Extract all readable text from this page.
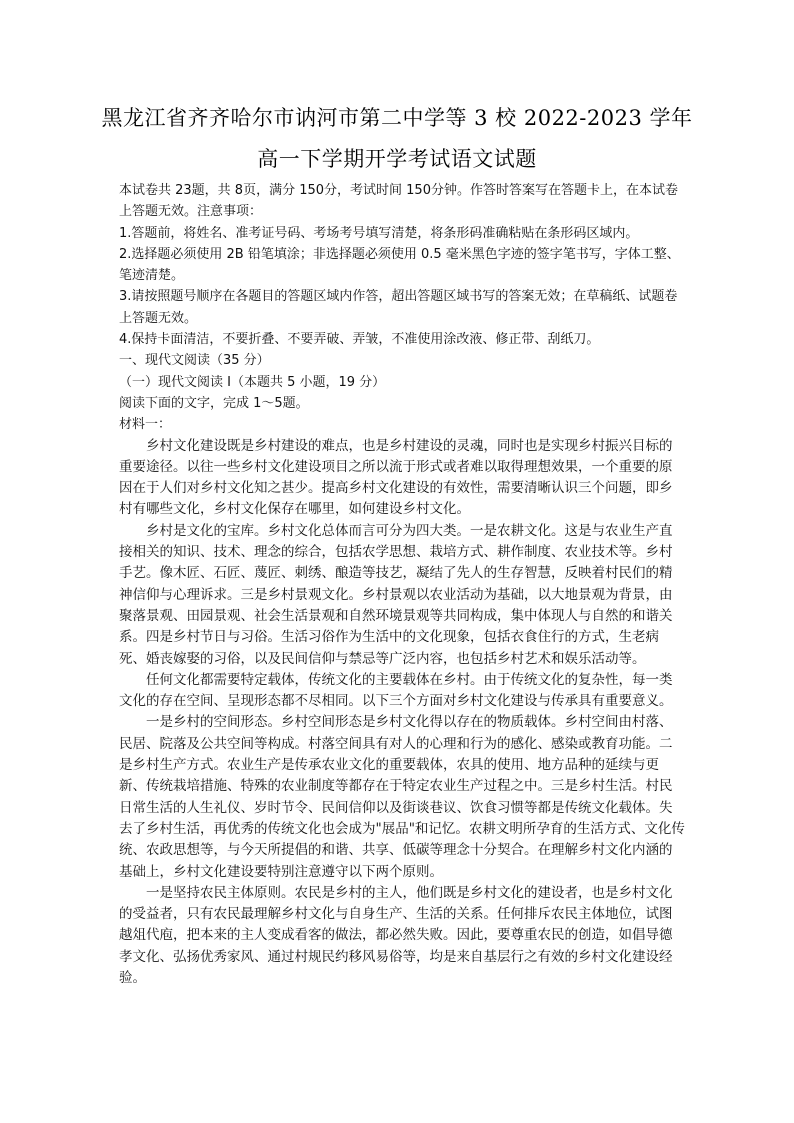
黑龙江省齐齐哈尔市讷河市第二中学等 3 校 2022-2023 学年
高一下学期开学考试语文试题

本试卷共 23题，共 8页，满分 150分，考试时间 150分钟。作答时答案写在答题卡上，在本试卷上答题无效。注意事项：

1.答题前，将姓名、准考证号码、考场考号填写清楚，将条形码准确粘贴在条形码区域内。

2.选择题必须使用 2B 铅笔填涂；非选择题必须使用 0.5 毫米黑色字迹的签字笔书写，字体工整、笔迹清楚。

3.请按照题号顺序在各题目的答题区域内作答，超出答题区域书写的答案无效；在草稿纸、试题卷上答题无效。

4.保持卡面清洁，不要折叠、不要弄破、弄皱，不准使用涂改液、修正带、刮纸刀。

一、现代文阅读（35 分）

（一）现代文阅读 I（本题共 5 小题，19 分）

阅读下面的文字，完成 1～5题。

材料一：

乡村文化建设既是乡村建设的难点，也是乡村建设的灵魂，同时也是实现乡村振兴目标的重要途径。以往一些乡村文化建设项目之所以流于形式或者难以取得理想效果，一个重要的原因在于人们对乡村文化知之甚少。提高乡村文化建设的有效性，需要清晰认识三个问题，即乡村有哪些文化，乡村文化保存在哪里，如何建设乡村文化。

乡村是文化的宝库。乡村文化总体而言可分为四大类。一是农耕文化。这是与农业生产直接相关的知识、技术、理念的综合，包括农学思想、栽培方式、耕作制度、农业技术等。乡村手艺。像木匠、石匠、蔑匠、刺绣、酿造等技艺，凝结了先人的生存智慧，反映着村民们的精神信仰与心理诉求。三是乡村景观文化。乡村景观以农业活动为基础，以大地景观为背景，由聚落景观、田园景观、社会生活景观和自然环境景观等共同构成，集中体现人与自然的和谐关系。四是乡村节日与习俗。生活习俗作为生活中的文化现象，包括衣食住行的方式，生老病死、婚丧嫁娶的习俗，以及民间信仰与禁忌等广泛内容，也包括乡村艺术和娱乐活动等。

任何文化都需要特定载体，传统文化的主要载体在乡村。由于传统文化的复杂性，每一类文化的存在空间、呈现形态都不尽相同。以下三个方面对乡村文化建设与传承具有重要意义。

一是乡村的空间形态。乡村空间形态是乡村文化得以存在的物质载体。乡村空间由村落、民居、院落及公共空间等构成。村落空间具有对人的心理和行为的感化、感染或教育功能。二是乡村生产方式。农业生产是传承农业文化的重要载体，农具的使用、地方品种的延续与更新、传统栽培措施、特殊的农业制度等都存在于特定农业生产过程之中。三是乡村生活。村民日常生活的人生礼仪、岁时节令、民间信仰以及街谈巷议、饮食习惯等都是传统文化载体。失去了乡村生活，再优秀的传统文化也会成为"展品"和记忆。农耕文明所孕育的生活方式、文化传统、农政思想等，与今天所提倡的和谐、共享、低碳等理念十分契合。在理解乡村文化内涵的基础上，乡村文化建设要特别注意遵守以下两个原则。

一是坚持农民主体原则。农民是乡村的主人，他们既是乡村文化的建设者，也是乡村文化的受益者，只有农民最理解乡村文化与自身生产、生活的关系。任何排斥农民主体地位，试图越俎代庖，把本来的主人变成看客的做法，都必然失败。因此，要尊重农民的创造，如倡导德孝文化、弘扬优秀家风、通过村规民约移风易俗等，均是来自基层行之有效的乡村文化建设经验。
